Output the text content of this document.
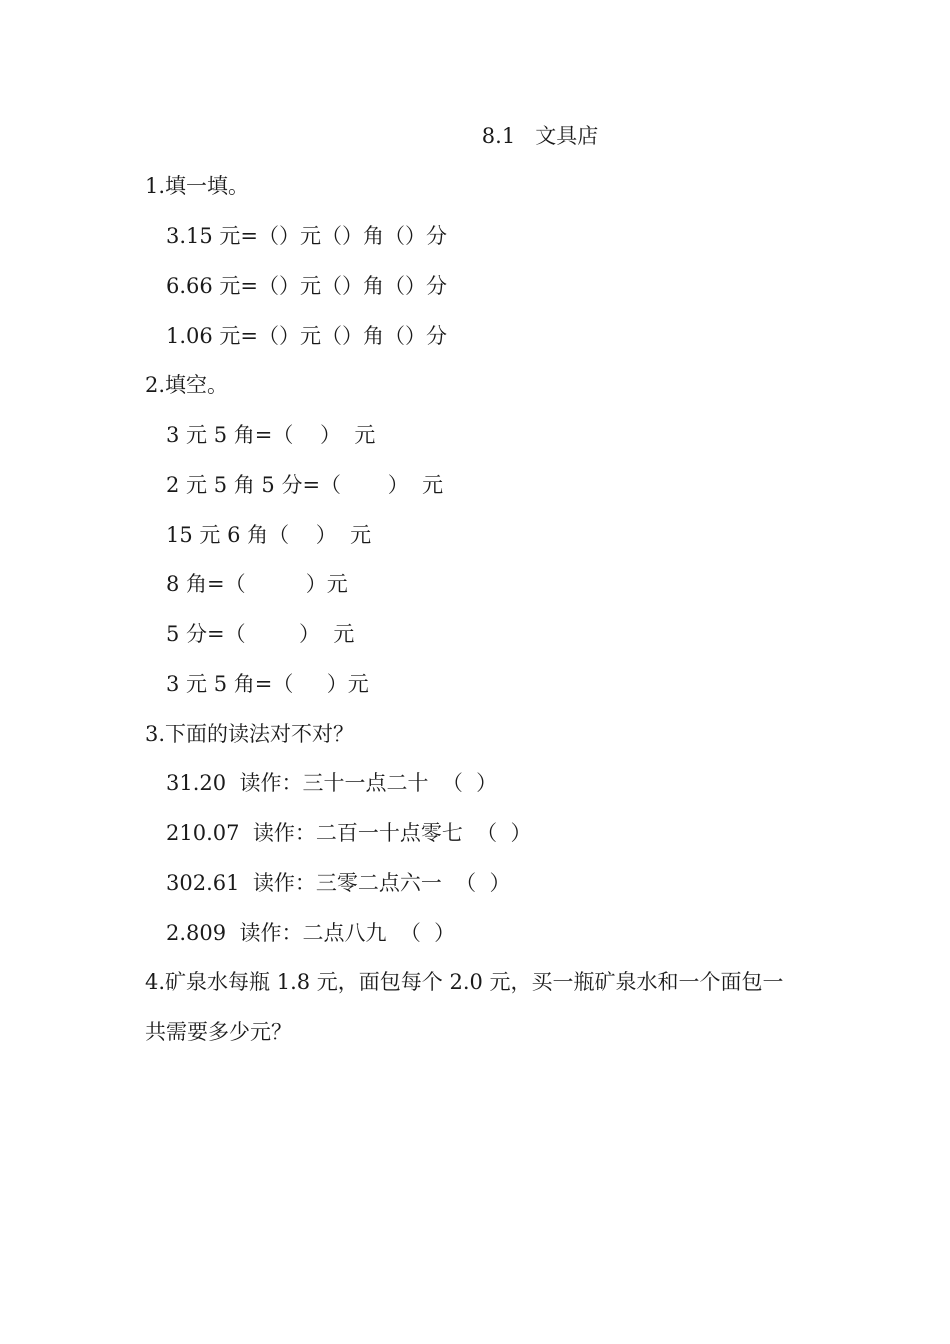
8.1   文具店
1.填一填。
3.15 元=（）元（）角（）分
6.66 元=（）元（）角（）分
1.06 元=（）元（）角（）分
2.填空。
3 元 5 角=（    ）  元
2 元 5 角 5 分=（       ）  元
15 元 6 角（    ）  元
8 角=（         ）元
5 分=（        ）  元
3 元 5 角=（     ）元
3.下面的读法对不对？
31.20  读作：三十一点二十  （  ）
210.07  读作：二百一十点零七  （  ）
302.61  读作：三零二点六一  （  ）
2.809  读作：二点八九  （  ）
4.矿泉水每瓶 1.8 元，面包每个 2.0 元，买一瓶矿泉水和一个面包一
共需要多少元？
